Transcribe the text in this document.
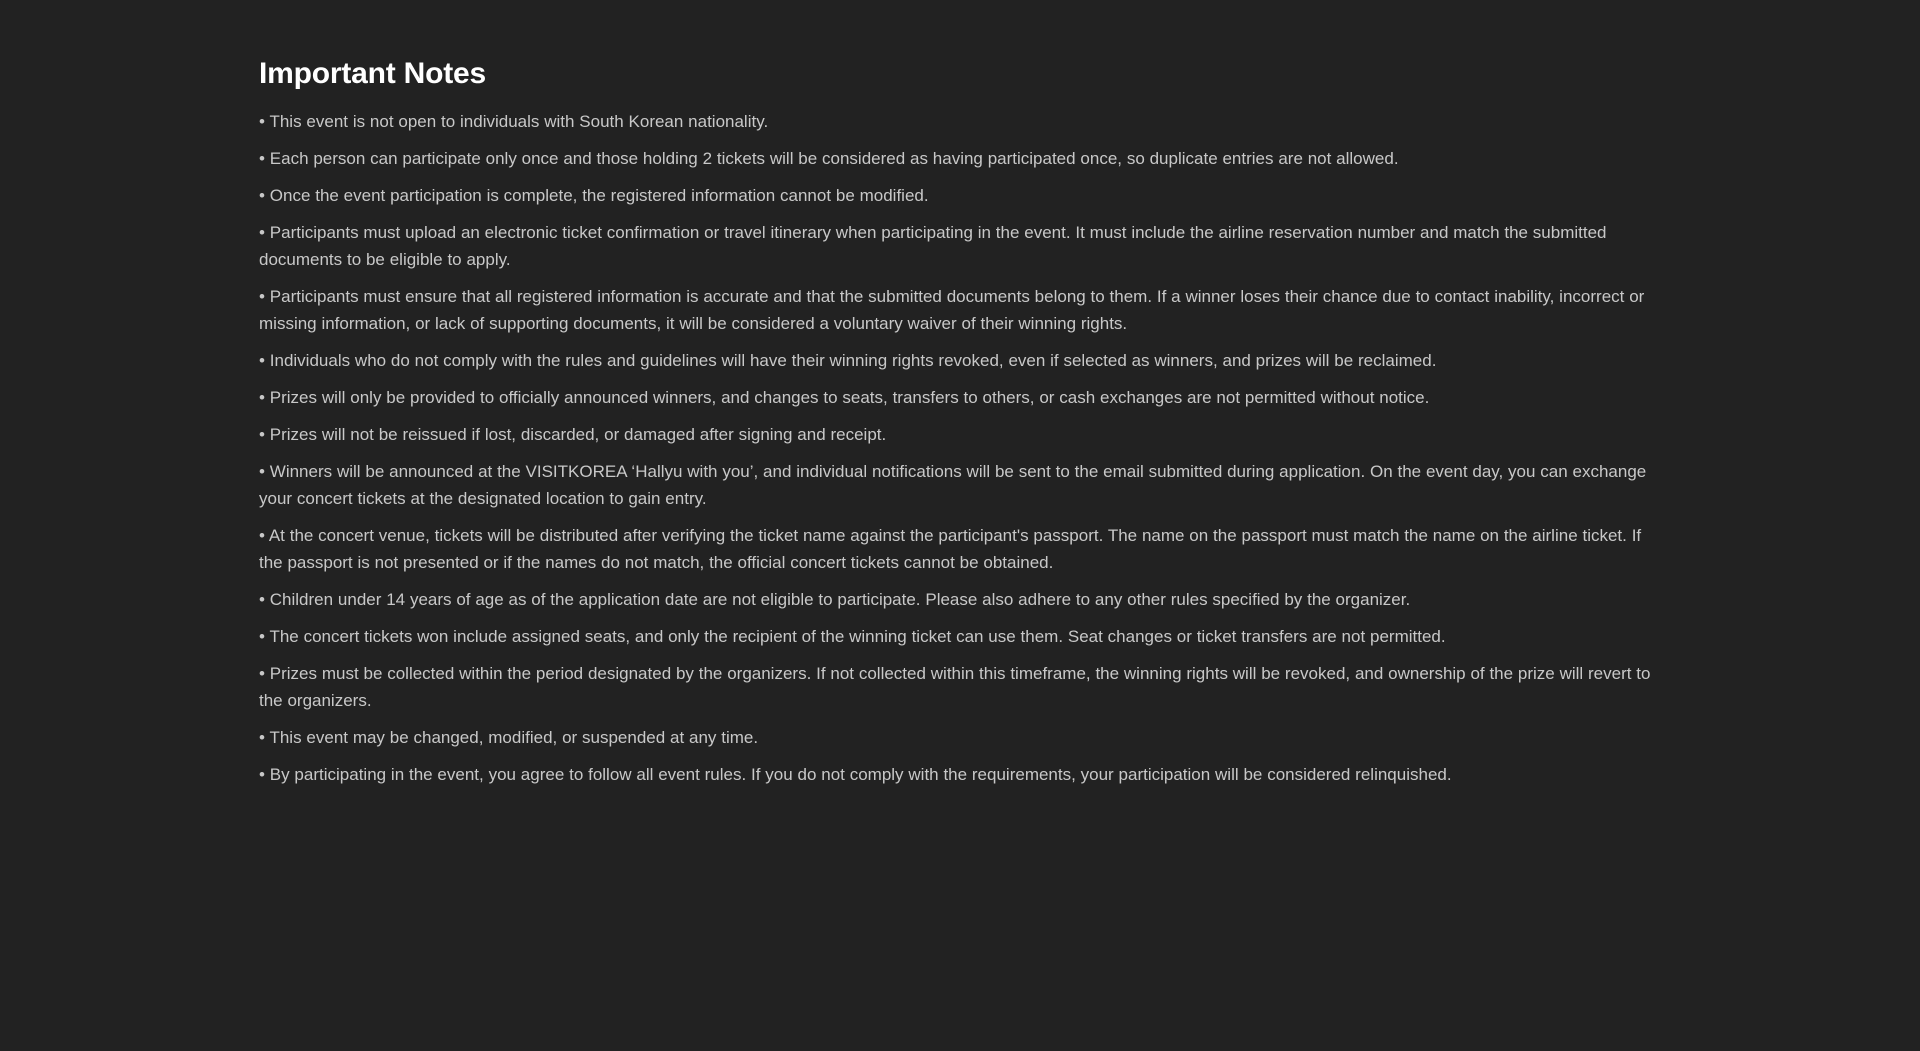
Important Notes
• This event is not open to individuals with South Korean nationality.
• Each person can participate only once and those holding 2 tickets will be considered as having participated once, so duplicate entries are not allowed.
• Once the event participation is complete, the registered information cannot be modified.
• Participants must upload an electronic ticket confirmation or travel itinerary when participating in the event. It must include the airline reservation number and match the submitted documents to be eligible to apply.
• Participants must ensure that all registered information is accurate and that the submitted documents belong to them. If a winner loses their chance due to contact inability, incorrect or missing information, or lack of supporting documents, it will be considered a voluntary waiver of their winning rights.
• Individuals who do not comply with the rules and guidelines will have their winning rights revoked, even if selected as winners, and prizes will be reclaimed.
• Prizes will only be provided to officially announced winners, and changes to seats, transfers to others, or cash exchanges are not permitted without notice.
• Prizes will not be reissued if lost, discarded, or damaged after signing and receipt.
• Winners will be announced at the VISITKOREA ‘Hallyu with you’, and individual notifications will be sent to the email submitted during application. On the event day, you can exchange your concert tickets at the designated location to gain entry.
• At the concert venue, tickets will be distributed after verifying the ticket name against the participant's passport. The name on the passport must match the name on the airline ticket. If the passport is not presented or if the names do not match, the official concert tickets cannot be obtained.
• Children under 14 years of age as of the application date are not eligible to participate. Please also adhere to any other rules specified by the organizer.
• The concert tickets won include assigned seats, and only the recipient of the winning ticket can use them. Seat changes or ticket transfers are not permitted.
• Prizes must be collected within the period designated by the organizers. If not collected within this timeframe, the winning rights will be revoked, and ownership of the prize will revert to the organizers.
• This event may be changed, modified, or suspended at any time.
• By participating in the event, you agree to follow all event rules. If you do not comply with the requirements, your participation will be considered relinquished.
